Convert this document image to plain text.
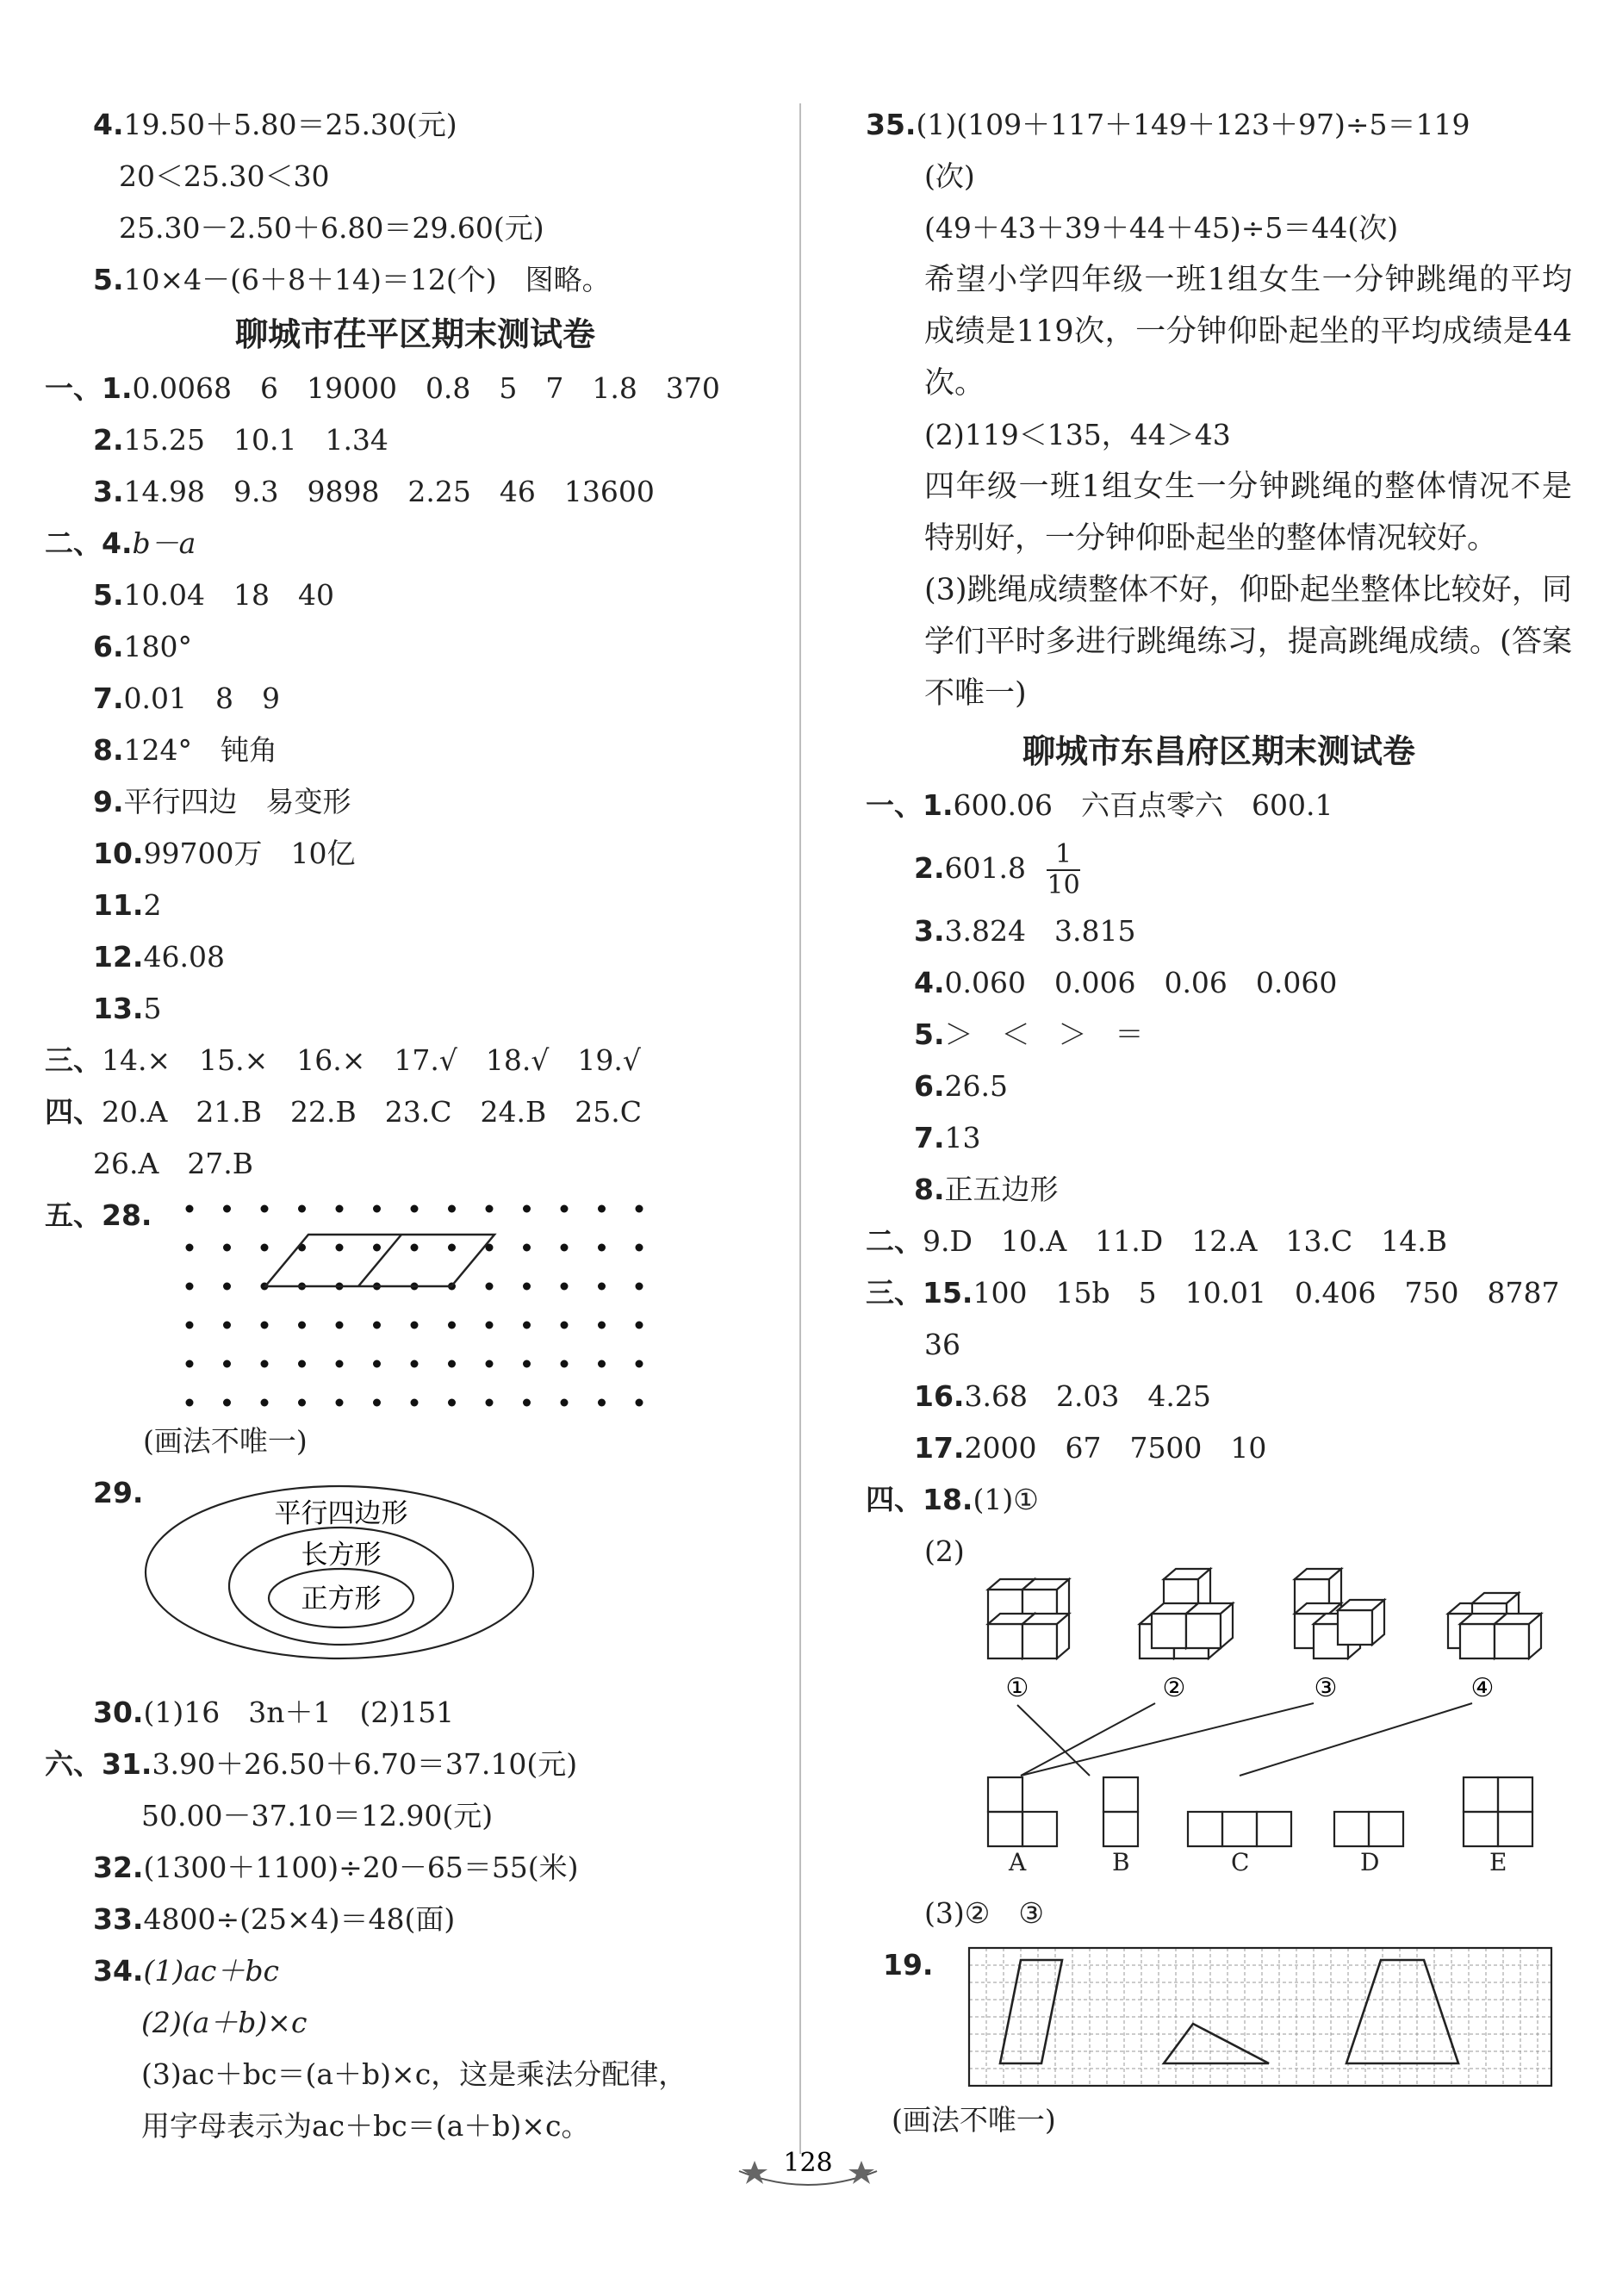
4.19.50＋5.80＝25.30(元)
20＜25.30＜30
25.30－2.50＋6.80＝29.60(元)
5.10×4－(6＋8＋14)＝12(个)　图略。
聊城市茌平区期末测试卷
一、1.0.0068　6　19000　0.8　5　7　1.8　370
2.15.25　10.1　1.34
3.14.98　9.3　9898　2.25　46　13600
二、4.b－a
5.10.04　18　40
6.180°
7.0.01　8　9
8.124°　钝角
9.平行四边　易变形
10.99700万　10亿
11.2
12.46.08
13.5
三、14.×　15.×　16.×　17.√　18.√　19.√
四、20.A　21.B　22.B　23.C　24.B　25.C
26.A　27.B
五、28.
(画法不唯一)
29.
平行四边形
长方形
正方形
30.(1)16　3n＋1　(2)151
六、31.3.90＋26.50＋6.70＝37.10(元)
50.00－37.10＝12.90(元)
32.(1300＋1100)÷20－65＝55(米)
33.4800÷(25×4)＝48(面)
34.(1)ac＋bc
(2)(a＋b)×c
(3)ac＋bc＝(a＋b)×c，这是乘法分配律，
用字母表示为ac＋bc＝(a＋b)×c。
35.(1)(109＋117＋149＋123＋97)÷5＝119
(次)
(49＋43＋39＋44＋45)÷5＝44(次)
希望小学四年级一班1组女生一分钟跳绳的平均成绩是119次，一分钟仰卧起坐的平均成绩是44次。
(2)119＜135，44＞43
四年级一班1组女生一分钟跳绳的整体情况不是特别好，一分钟仰卧起坐的整体情况较好。
(3)跳绳成绩整体不好，仰卧起坐整体比较好，同学们平时多进行跳绳练习，提高跳绳成绩。(答案不唯一)
聊城市东昌府区期末测试卷
一、1.600.06　六百点零六　600.1
$2.601.8 \frac{1}{10}$
3.3.824　3.815
4.0.060　0.006　0.06　0.060
5.＞　＜　＞　＝
6.26.5
7.13
8.正五边形
二、9.D　10.A　11.D　12.A　13.C　14.B
三、15.100　15b　5　10.01　0.406　750　8787
36
16.3.68　2.03　4.25
17.2000　67　7500　10
四、18.(1)①
(2)
①	②	③	④
A	B	C	D	E
(3)②　③
19.
(画法不唯一)
128
